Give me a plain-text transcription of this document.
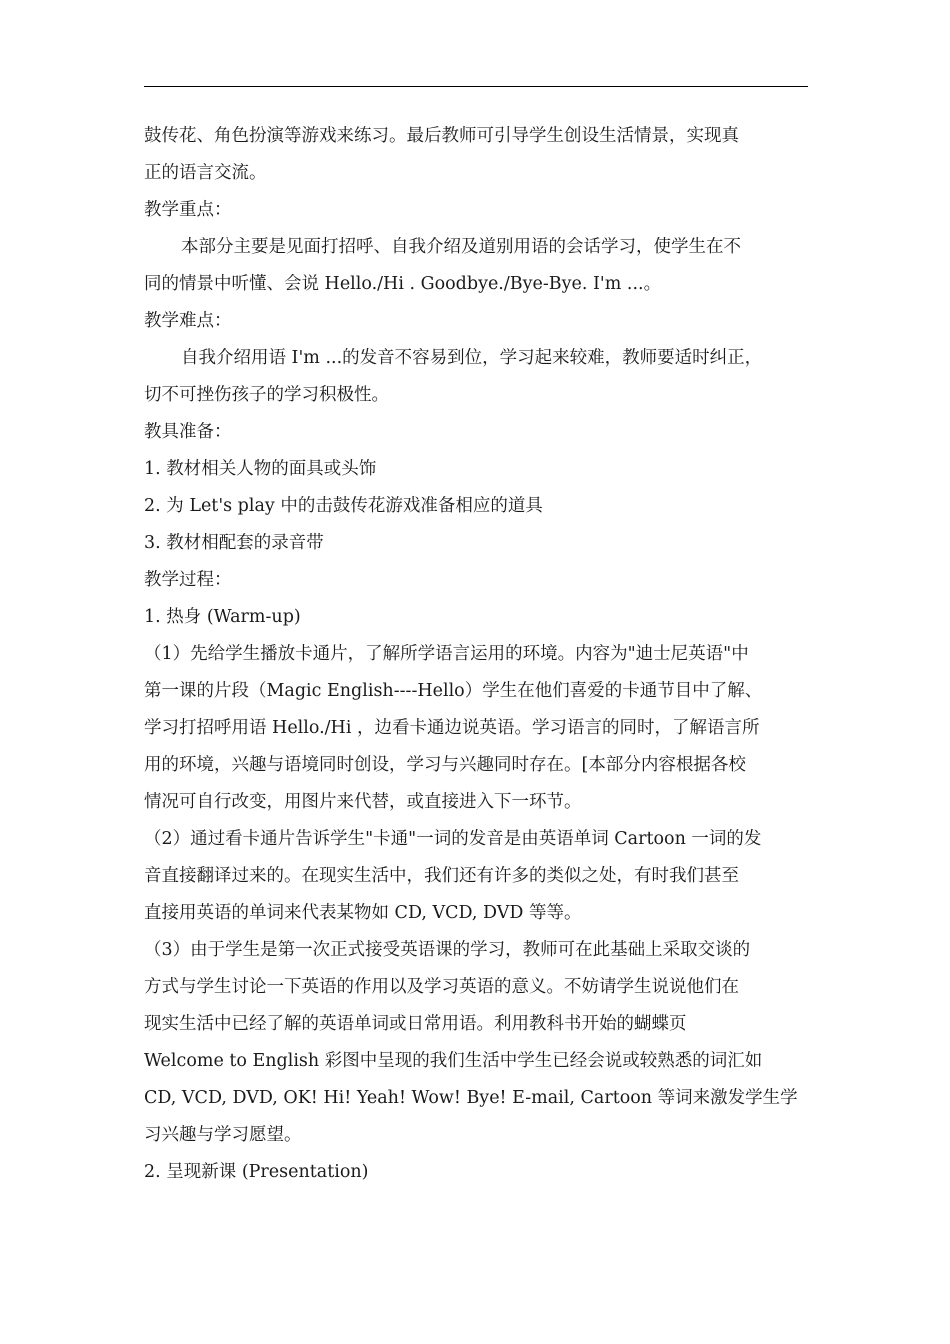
鼓传花、角色扮演等游戏来练习。最后教师可引导学生创设生活情景，实现真
正的语言交流。
教学重点：
本部分主要是见面打招呼、自我介绍及道别用语的会话学习，使学生在不
同的情景中听懂、会说 Hello./Hi . Goodbye./Bye-Bye. I'm ...。
教学难点：
自我介绍用语 I'm ...的发音不容易到位，学习起来较难，教师要适时纠正，
切不可挫伤孩子的学习积极性。
教具准备：
1. 教材相关人物的面具或头饰
2. 为 Let's play 中的击鼓传花游戏准备相应的道具
3. 教材相配套的录音带
教学过程：
1. 热身 (Warm-up)
（1）先给学生播放卡通片，了解所学语言运用的环境。内容为"迪士尼英语"中
第一课的片段（Magic English----Hello）学生在他们喜爱的卡通节目中了解、
学习打招呼用语 Hello./Hi ，边看卡通边说英语。学习语言的同时，了解语言所
用的环境，兴趣与语境同时创设，学习与兴趣同时存在。[本部分内容根据各校
情况可自行改变，用图片来代替，或直接进入下一环节。
（2）通过看卡通片告诉学生"卡通"一词的发音是由英语单词 Cartoon 一词的发
音直接翻译过来的。在现实生活中，我们还有许多的类似之处，有时我们甚至
直接用英语的单词来代表某物如 CD, VCD, DVD 等等。
（3）由于学生是第一次正式接受英语课的学习，教师可在此基础上采取交谈的
方式与学生讨论一下英语的作用以及学习英语的意义。不妨请学生说说他们在
现实生活中已经了解的英语单词或日常用语。利用教科书开始的蝴蝶页
Welcome to English 彩图中呈现的我们生活中学生已经会说或较熟悉的词汇如
CD, VCD, DVD, OK! Hi! Yeah! Wow! Bye! E-mail, Cartoon 等词来激发学生学
习兴趣与学习愿望。
2. 呈现新课 (Presentation)
